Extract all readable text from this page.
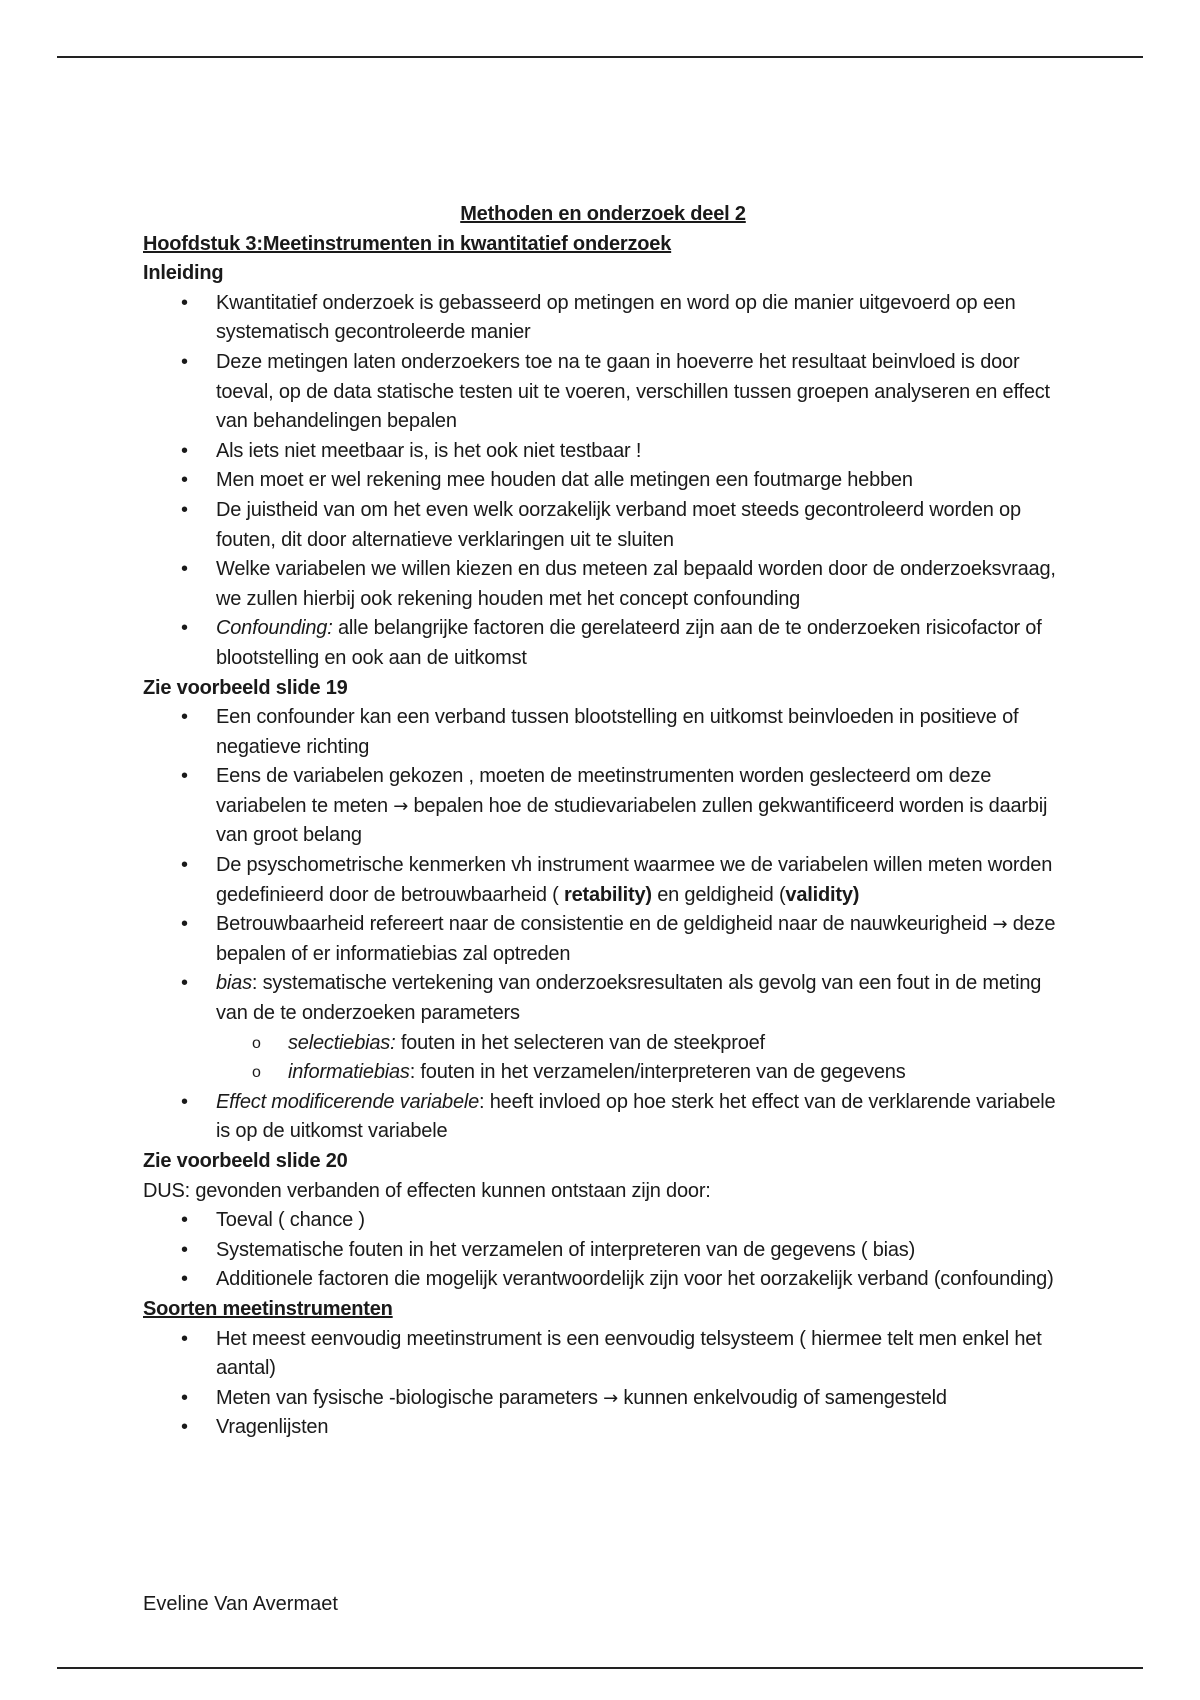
Methoden en onderzoek deel 2

Hoofdstuk 3:Meetinstrumenten in kwantitatief onderzoek

Inleiding

•	Kwantitatief onderzoek is gebasseerd op metingen en word op die manier uitgevoerd op een systematisch gecontroleerde manier
•	Deze metingen laten onderzoekers toe na te gaan in hoeverre het resultaat beinvloed is door toeval, op de data statische testen uit te voeren, verschillen tussen groepen analyseren en effect van behandelingen bepalen
•	Als iets niet meetbaar is, is het ook niet testbaar !
•	Men moet er wel rekening mee houden dat alle metingen een foutmarge hebben
•	De juistheid van om het even welk oorzakelijk verband moet steeds gecontroleerd worden op fouten, dit door alternatieve verklaringen uit te sluiten
•	Welke variabelen we willen kiezen en dus meteen zal bepaald worden door de onderzoeksvraag, we zullen hierbij ook rekening houden met het concept confounding
•	Confounding: alle belangrijke factoren die gerelateerd zijn aan de te onderzoeken risicofactor of blootstelling en ook aan de uitkomst

Zie voorbeeld slide 19

•	Een confounder kan een verband tussen blootstelling en uitkomst beinvloeden in positieve of negatieve richting
•	Eens de variabelen gekozen , moeten de meetinstrumenten worden geslecteerd om deze variabelen te meten → bepalen hoe de studievariabelen zullen gekwantificeerd worden is daarbij van groot belang
•	De psyschometrische kenmerken vh instrument waarmee we de variabelen willen meten worden gedefinieerd door de betrouwbaarheid ( retability) en geldigheid (validity)
•	Betrouwbaarheid refereert naar de consistentie en de geldigheid naar de nauwkeurigheid → deze bepalen of er informatiebias zal optreden
•	bias: systematische vertekening van onderzoeksresultaten als gevolg van een fout in de meting van de te onderzoeken parameters
o selectiebias: fouten in het selecteren van de steekproef
o informatiebias: fouten in het verzamelen/interpreteren van de gegevens
•	Effect modificerende variabele: heeft invloed op hoe sterk het effect van de verklarende variabele is op de uitkomst variabele

Zie voorbeeld slide 20

DUS: gevonden verbanden of effecten kunnen ontstaan zijn door:

•	Toeval ( chance )
•	Systematische fouten in het verzamelen of interpreteren van de gegevens ( bias)
•	Additionele factoren die mogelijk verantwoordelijk zijn voor het oorzakelijk verband (confounding)

Soorten meetinstrumenten

•	Het meest eenvoudig meetinstrument is een eenvoudig telsysteem ( hiermee telt men enkel het aantal)
•	Meten van fysische -biologische parameters → kunnen enkelvoudig of samengesteld
•	Vragenlijsten

Eveline Van Avermaet
